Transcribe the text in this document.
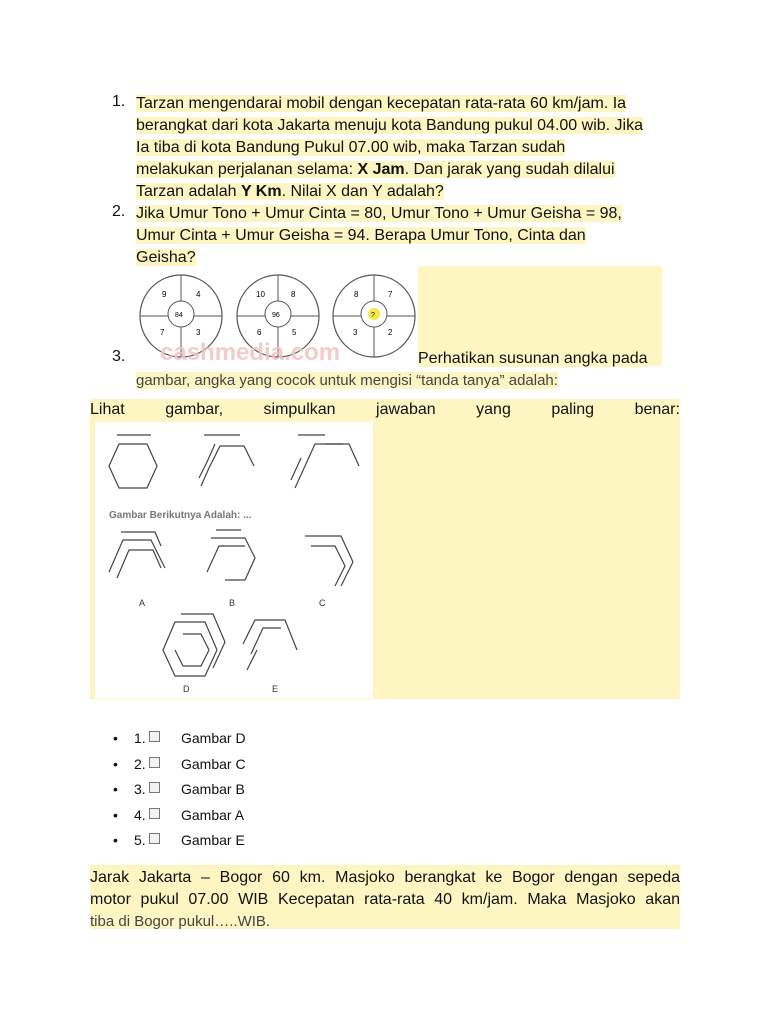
1. Tarzan mengendarai mobil dengan kecepatan rata-rata 60 km/jam. Ia
berangkat dari kota Jakarta menuju kota Bandung pukul 04.00 wib. Jika
Ia tiba di kota Bandung Pukul 07.00 wib, maka Tarzan sudah
melakukan perjalanan selama: X Jam. Dan jarak yang sudah dilalui
Tarzan adalah Y Km. Nilai X dan Y adalah?
2. Jika Umur Tono + Umur Cinta = 80, Umur Tono + Umur Geisha = 98,
Umur Cinta + Umur Geisha = 94. Berapa Umur Tono, Cinta dan
Geisha?
9	4
84
7	3
10	8
96
6	5
8	7
?
3	2
cashmedia.com
3.	Perhatikan susunan angka pada
gambar, angka yang cocok untuk mengisi “tanda tanya” adalah:
Lihat	gambar,	simpulkan	jawaban	yang	paling	benar:
Gambar Berikutnya Adalah: ...
A	B	C
D	E
• 1.	Gambar D
• 2.	Gambar C
• 3.	Gambar B
• 4.	Gambar A
• 5.	Gambar E
Jarak Jakarta – Bogor 60 km. Masjoko berangkat ke Bogor dengan sepeda
motor pukul 07.00 WIB Kecepatan rata-rata 40 km/jam. Maka Masjoko akan
tiba di Bogor pukul…..WIB.
